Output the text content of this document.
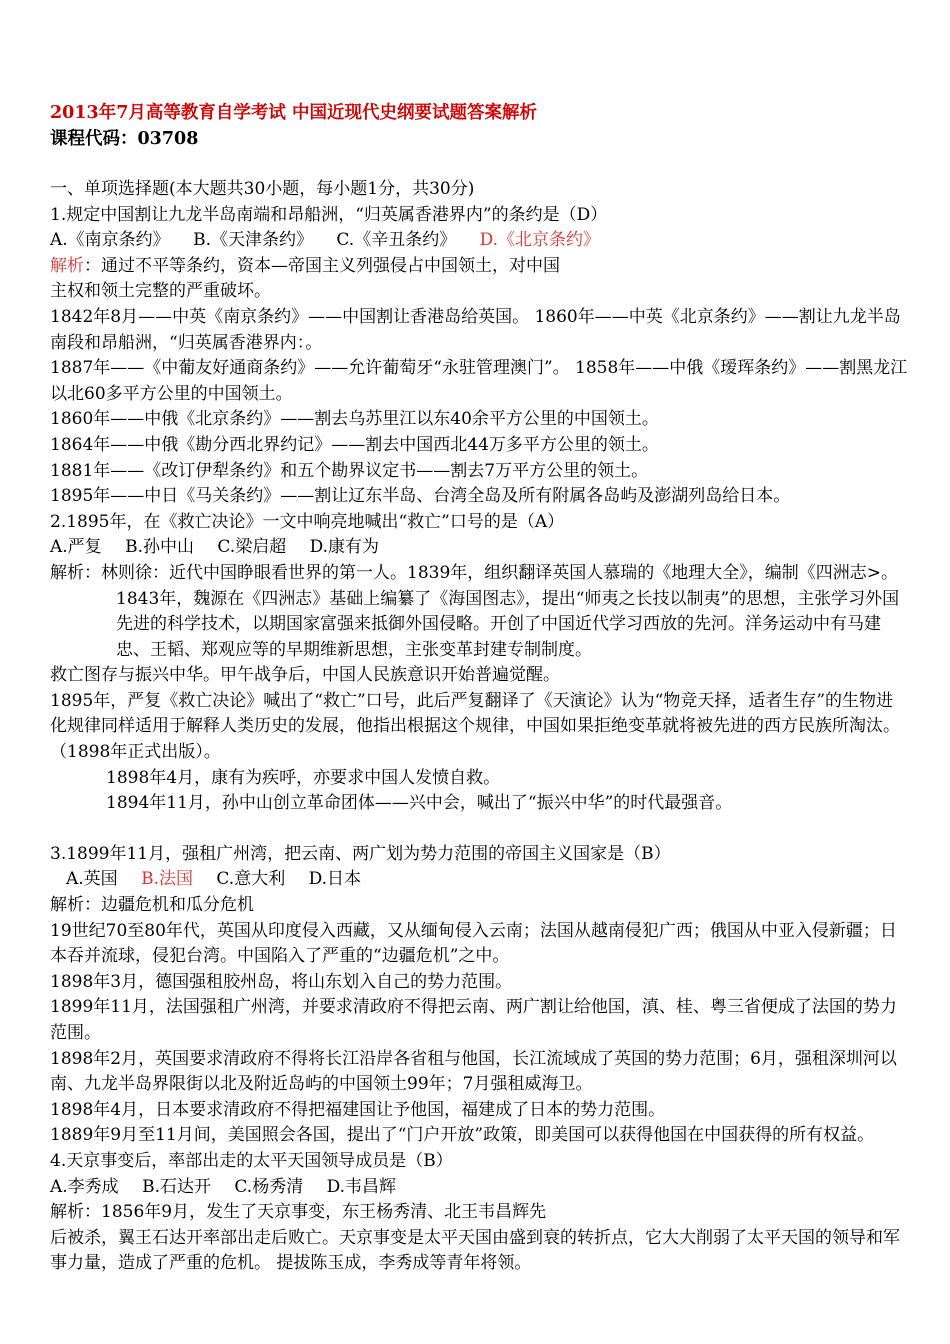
2013年7月高等教育自学考试 中国近现代史纲要试题答案解析
课程代码：03708
一、单项选择题(本大题共30小题，每小题1分，共30分)
1.规定中国割让九龙半岛南端和昂船洲，“归英属香港界内”的条约是（D）
A.《南京条约》 B.《天津条约》 C.《辛丑条约》 D.《北京条约》
解析：通过不平等条约，资本—帝国主义列强侵占中国领土，对中国
主权和领土完整的严重破坏。
1842年8月——中英《南京条约》——中国割让香港岛给英国。 1860年——中英《北京条约》——割让九龙半岛南段和昂船洲，“归英属香港界内：。
1887年——《中葡友好通商条约》——允许葡萄牙“永驻管理澳门”。 1858年——中俄《瑷珲条约》——割黑龙江以北60多平方公里的中国领土。
1860年——中俄《北京条约》——割去乌苏里江以东40余平方公里的中国领土。
1864年——中俄《勘分西北界约记》——割去中国西北44万多平方公里的领土。
1881年——《改订伊犁条约》和五个勘界议定书——割去7万平方公里的领土。
1895年——中日《马关条约》——割让辽东半岛、台湾全岛及所有附属各岛屿及澎湖列岛给日本。
2.1895年，在《救亡决论》一文中响亮地喊出“救亡”口号的是（A）
A.严复 B.孙中山 C.梁启超 D.康有为
解析：林则徐：近代中国睁眼看世界的第一人。1839年，组织翻译英国人慕瑞的《地理大全》，编制《四洲志>。
1843年，魏源在《四洲志》基础上编纂了《海国图志》，提出“师夷之长技以制夷”的思想，主张学习外国先进的科学技术，以期国家富强来抵御外国侵略。开创了中国近代学习西放的先河。洋务运动中有马建忠、王韬、郑观应等的早期维新思想，主张变革封建专制制度。
救亡图存与振兴中华。甲午战争后，中国人民族意识开始普遍觉醒。
1895年，严复《救亡决论》喊出了“救亡”口号，此后严复翻译了《天演论》认为“物竞天择，适者生存”的生物进化规律同样适用于解释人类历史的发展，他指出根据这个规律，中国如果拒绝变革就将被先进的西方民族所淘汰。（1898年正式出版）。
1898年4月，康有为疾呼，亦要求中国人发愤自救。
1894年11月，孙中山创立革命团体——兴中会，喊出了“振兴中华”的时代最强音。
3.1899年11月，强租广州湾，把云南、两广划为势力范围的帝国主义国家是（B）
A.英国 B.法国 C.意大利 D.日本
解析：边疆危机和瓜分危机
19世纪70至80年代，英国从印度侵入西藏，又从缅甸侵入云南；法国从越南侵犯广西；俄国从中亚入侵新疆；日本吞并流球，侵犯台湾。中国陷入了严重的“边疆危机”之中。
1898年3月，德国强租胶州岛，将山东划入自己的势力范围。
1899年11月，法国强租广州湾，并要求清政府不得把云南、两广割让给他国，滇、桂、粤三省便成了法国的势力范围。
1898年2月，英国要求清政府不得将长江沿岸各省租与他国，长江流域成了英国的势力范围；6月，强租深圳河以南、九龙半岛界限街以北及附近岛屿的中国领土99年；7月强租威海卫。
1898年4月，日本要求清政府不得把福建国让予他国，福建成了日本的势力范围。
1889年9月至11月间，美国照会各国，提出了“门户开放”政策，即美国可以获得他国在中国获得的所有权益。
4.天京事变后，率部出走的太平天国领导成员是（B）
A.李秀成 B.石达开 C.杨秀清 D.韦昌辉
解析：1856年9月，发生了天京事变，东王杨秀清、北王韦昌辉先
后被杀，翼王石达开率部出走后败亡。天京事变是太平天国由盛到衰的转折点，它大大削弱了太平天国的领导和军事力量，造成了严重的危机。 提拔陈玉成，李秀成等青年将领。
